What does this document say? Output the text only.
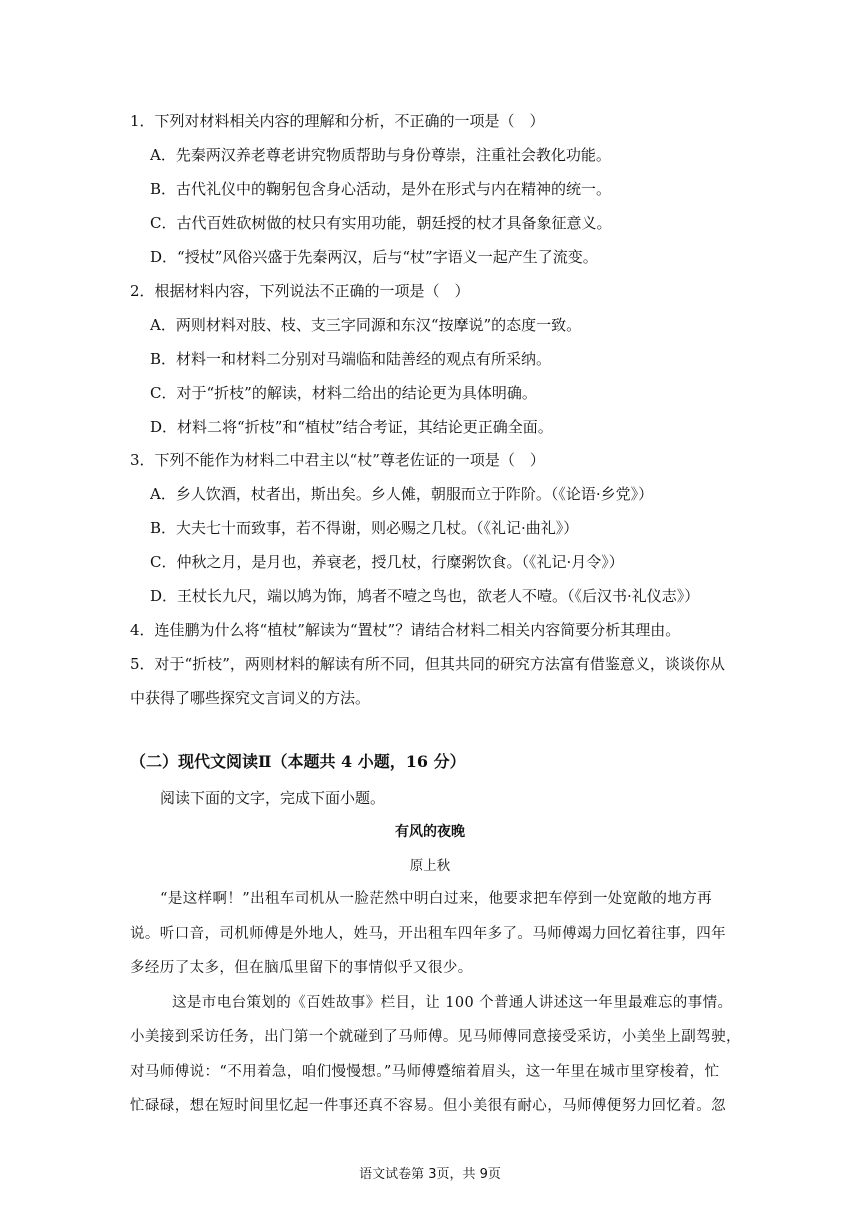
1．下列对材料相关内容的理解和分析，不正确的一项是（　）
A．先秦两汉养老尊老讲究物质帮助与身份尊崇，注重社会教化功能。
B．古代礼仪中的鞠躬包含身心活动，是外在形式与内在精神的统一。
C．古代百姓砍树做的杖只有实用功能，朝廷授的杖才具备象征意义。
D．“授杖”风俗兴盛于先秦两汉，后与“杖”字语义一起产生了流变。
2．根据材料内容，下列说法不正确的一项是（　）
A．两则材料对肢、枝、支三字同源和东汉“按摩说”的态度一致。
B．材料一和材料二分别对马端临和陆善经的观点有所采纳。
C．对于“折枝”的解读，材料二给出的结论更为具体明确。
D．材料二将“折枝”和“植杖”结合考证，其结论更正确全面。
3．下列不能作为材料二中君主以“杖”尊老佐证的一项是（　）
A．乡人饮酒，杖者出，斯出矣。乡人傩，朝服而立于阼阶。（《论语·乡党》）
B．大夫七十而致事，若不得谢，则必赐之几杖。（《礼记·曲礼》）
C．仲秋之月，是月也，养衰老，授几杖，行糜粥饮食。（《礼记·月令》）
D．王杖长九尺，端以鸠为饰，鸠者不噎之鸟也，欲老人不噎。（《后汉书·礼仪志》）
4．连佳鹏为什么将“植杖”解读为“置杖”？请结合材料二相关内容简要分析其理由。
5．对于“折枝”，两则材料的解读有所不同，但其共同的研究方法富有借鉴意义，谈谈你从
中获得了哪些探究文言词义的方法。
（二）现代文阅读Ⅱ（本题共 4 小题，16 分）
阅读下面的文字，完成下面小题。
有风的夜晚
原上秋
“是这样啊！”出租车司机从一脸茫然中明白过来，他要求把车停到一处宽敞的地方再
说。听口音，司机师傅是外地人，姓马，开出租车四年多了。马师傅竭力回忆着往事，四年
多经历了太多，但在脑瓜里留下的事情似乎又很少。
这是市电台策划的《百姓故事》栏目，让 100 个普通人讲述这一年里最难忘的事情。
小美接到采访任务，出门第一个就碰到了马师傅。见马师傅同意接受采访，小美坐上副驾驶，
对马师傅说：“不用着急，咱们慢慢想。”马师傅蹙缩着眉头，这一年里在城市里穿梭着，忙
忙碌碌，想在短时间里忆起一件事还真不容易。但小美很有耐心，马师傅便努力回忆着。忽
语文试卷第 3页，共 9页
